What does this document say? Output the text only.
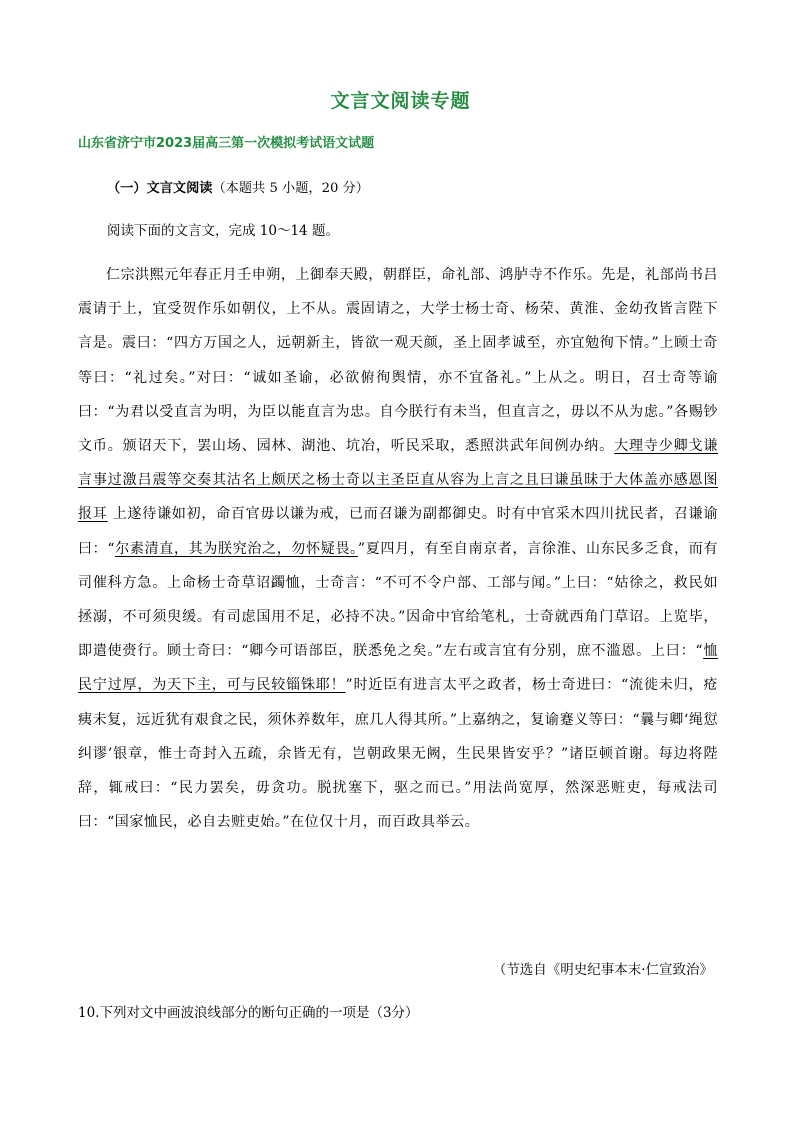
文言文阅读专题
山东省济宁市2023届高三第一次模拟考试语文试题
（一）文言文阅读（本题共 5 小题，20 分）
阅读下面的文言文，完成 10～14 题。

仁宗洪熙元年春正月壬申朔，上御奉天殿，朝群臣，命礼部、鸿胪寺不作乐。先是，礼部尚书吕震请于上，宜受贺作乐如朝仪，上不从。震固请之，大学士杨士奇、杨荣、黄淮、金幼孜皆言陛下言是。震曰：“四方万国之人，远朝新主，皆欲一观天颜，圣上固孝诚至，亦宜勉徇下情。”上顾士奇等曰：“礼过矣。”对曰：“诚如圣谕，必欲俯徇舆情，亦不宜备礼。”上从之。明日，召士奇等谕曰：“为君以受直言为明，为臣以能直言为忠。自今朕行有未当，但直言之，毋以不从为虑。”各赐钞文币。颁诏天下，罢山场、园林、湖池、坑冶，听民采取，悉照洪武年间例办纳。大理寺少卿戈谦言事过激吕震等交奏其沽名上颇厌之杨士奇以主圣臣直从容为上言之且曰谦虽昧于大体盖亦感恩图报耳 上遂待谦如初，命百官毋以谦为戒，已而召谦为副都御史。时有中官采木四川扰民者，召谦谕曰：“尔素清直，其为朕究治之，勿怀疑畏。”夏四月，有至自南京者，言徐淮、山东民多乏食，而有司催科方急。上命杨士奇草诏蠲恤，士奇言：“不可不令户部、工部与闻。”上曰：“姑徐之，救民如拯溺，不可须臾缓。有司虑国用不足，必持不决。”因命中官给笔札，士奇就西角门草诏。上览毕，即遣使赍行。顾士奇曰：“卿今可语部臣，朕悉免之矣。”左右或言宜有分别，庶不滥恩。上曰：“恤民宁过厚，为天下主，可与民较锱铢耶！”时近臣有进言太平之政者，杨士奇进曰：“流徙未归，疮痍未复，远近犹有艰食之民，须休养数年，庶几人得其所。”上嘉纳之，复谕蹇义等曰：“曩与卿‘绳愆纠谬’银章，惟士奇封入五疏，余皆无有，岂朝政果无阙，生民果皆安乎？”诸臣顿首谢。每边将陛辞，辄戒曰：“民力罢矣，毋贪功。脱扰塞下，驱之而已。”用法尚宽厚，然深恶赃吏，每戒法司曰：“国家恤民，必自去赃吏始。”在位仅十月，而百政具举云。

（节选自《明史纪事本末·仁宣致治》
10.下列对文中画波浪线部分的断句正确的一项是（3分）
